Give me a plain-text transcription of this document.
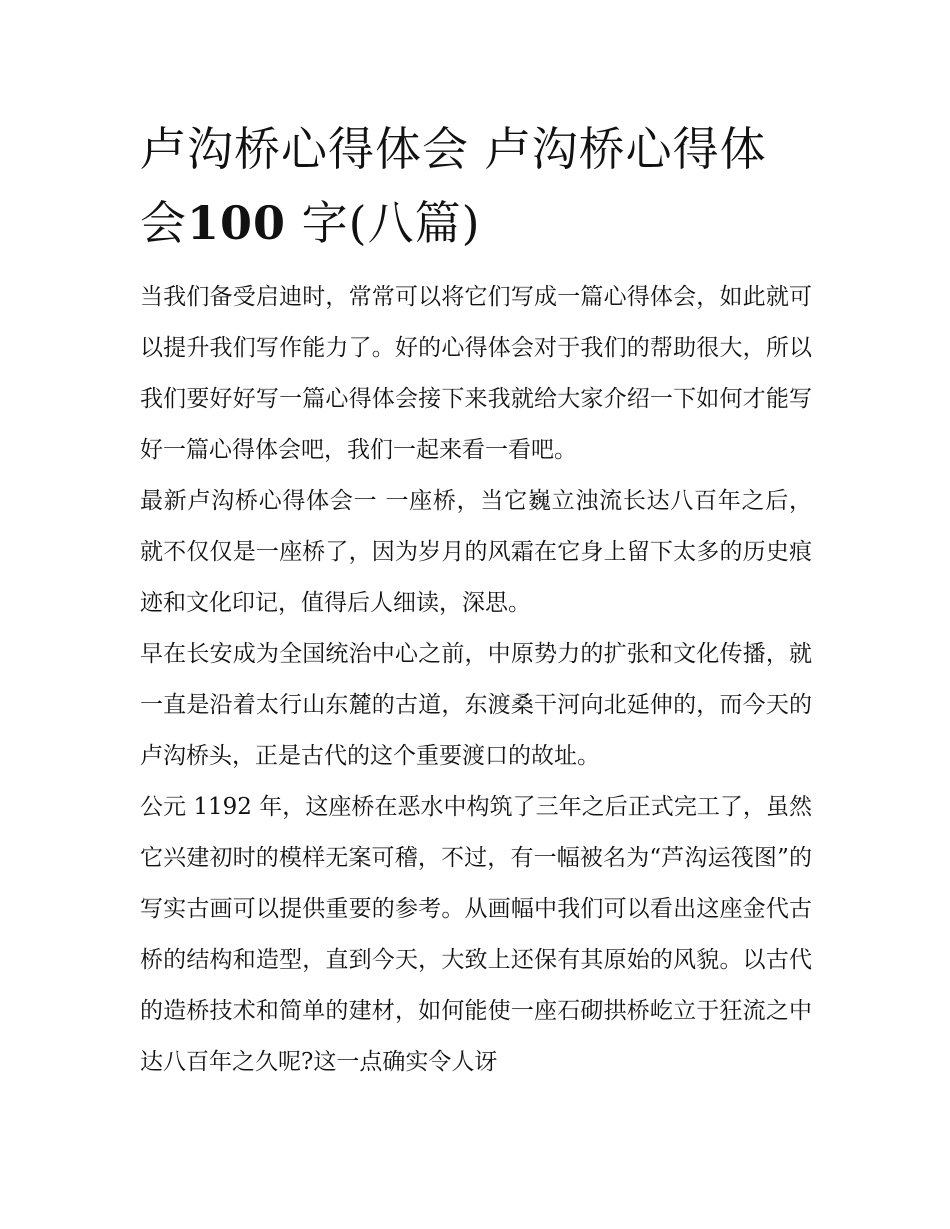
卢沟桥心得体会 卢沟桥心得体会100 字(八篇)

当我们备受启迪时，常常可以将它们写成一篇心得体会，如此就可以提升我们写作能力了。好的心得体会对于我们的帮助很大，所以我们要好好写一篇心得体会接下来我就给大家介绍一下如何才能写好一篇心得体会吧，我们一起来看一看吧。

最新卢沟桥心得体会一 一座桥，当它巍立浊流长达八百年之后，就不仅仅是一座桥了，因为岁月的风霜在它身上留下太多的历史痕迹和文化印记，值得后人细读，深思。

早在长安成为全国统治中心之前，中原势力的扩张和文化传播，就一直是沿着太行山东麓的古道，东渡桑干河向北延伸的，而今天的卢沟桥头，正是古代的这个重要渡口的故址。

公元 1192 年，这座桥在恶水中构筑了三年之后正式完工了，虽然它兴建初时的模样无案可稽，不过，有一幅被名为“芦沟运筏图”的写实古画可以提供重要的参考。从画幅中我们可以看出这座金代古桥的结构和造型，直到今天，大致上还保有其原始的风貌。以古代的造桥技术和简单的建材，如何能使一座石砌拱桥屹立于狂流之中达八百年之久呢?这一点确实令人讶
